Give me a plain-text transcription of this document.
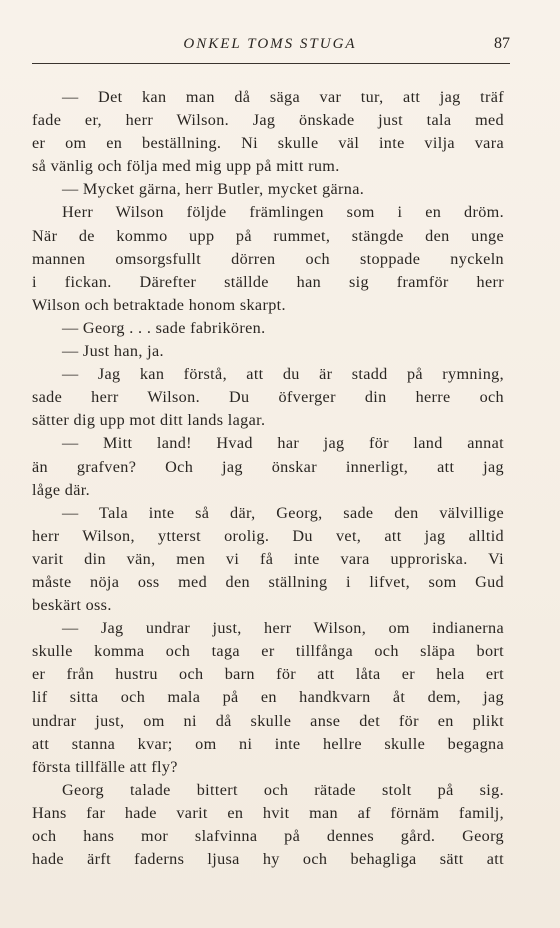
ONKEL TOMS STUGA	87
— Det kan man då säga var tur, att jag träf
fade er, herr Wilson. Jag önskade just tala med
er om en beställning. Ni skulle väl inte vilja vara
så vänlig och följa med mig upp på mitt rum.
— Mycket gärna, herr Butler, mycket gärna.
Herr Wilson följde främlingen som i en dröm.
När de kommo upp på rummet, stängde den unge
mannen omsorgsfullt dörren och stoppade nyckeln
i fickan. Därefter ställde han sig framför herr
Wilson och betraktade honom skarpt.
— Georg . . . sade fabrikören.
— Just han, ja.
— Jag kan förstå, att du är stadd på rymning,
sade herr Wilson. Du öfverger din herre och
sätter dig upp mot ditt lands lagar.
— Mitt land! Hvad har jag för land annat
än grafven? Och jag önskar innerligt, att jag
låge där.
— Tala inte så där, Georg, sade den välvillige
herr Wilson, ytterst orolig. Du vet, att jag alltid
varit din vän, men vi få inte vara upproriska. Vi
måste nöja oss med den ställning i lifvet, som Gud
beskärt oss.
— Jag undrar just, herr Wilson, om indianerna
skulle komma och taga er tillfånga och släpa bort
er från hustru och barn för att låta er hela ert
lif sitta och mala på en handkvarn åt dem, jag
undrar just, om ni då skulle anse det för en plikt
att stanna kvar; om ni inte hellre skulle begagna
första tillfälle att fly?
Georg talade bittert och rätade stolt på sig.
Hans far hade varit en hvit man af förnäm familj,
och hans mor slafvinna på dennes gård. Georg
hade ärft faderns ljusa hy och behagliga sätt att
